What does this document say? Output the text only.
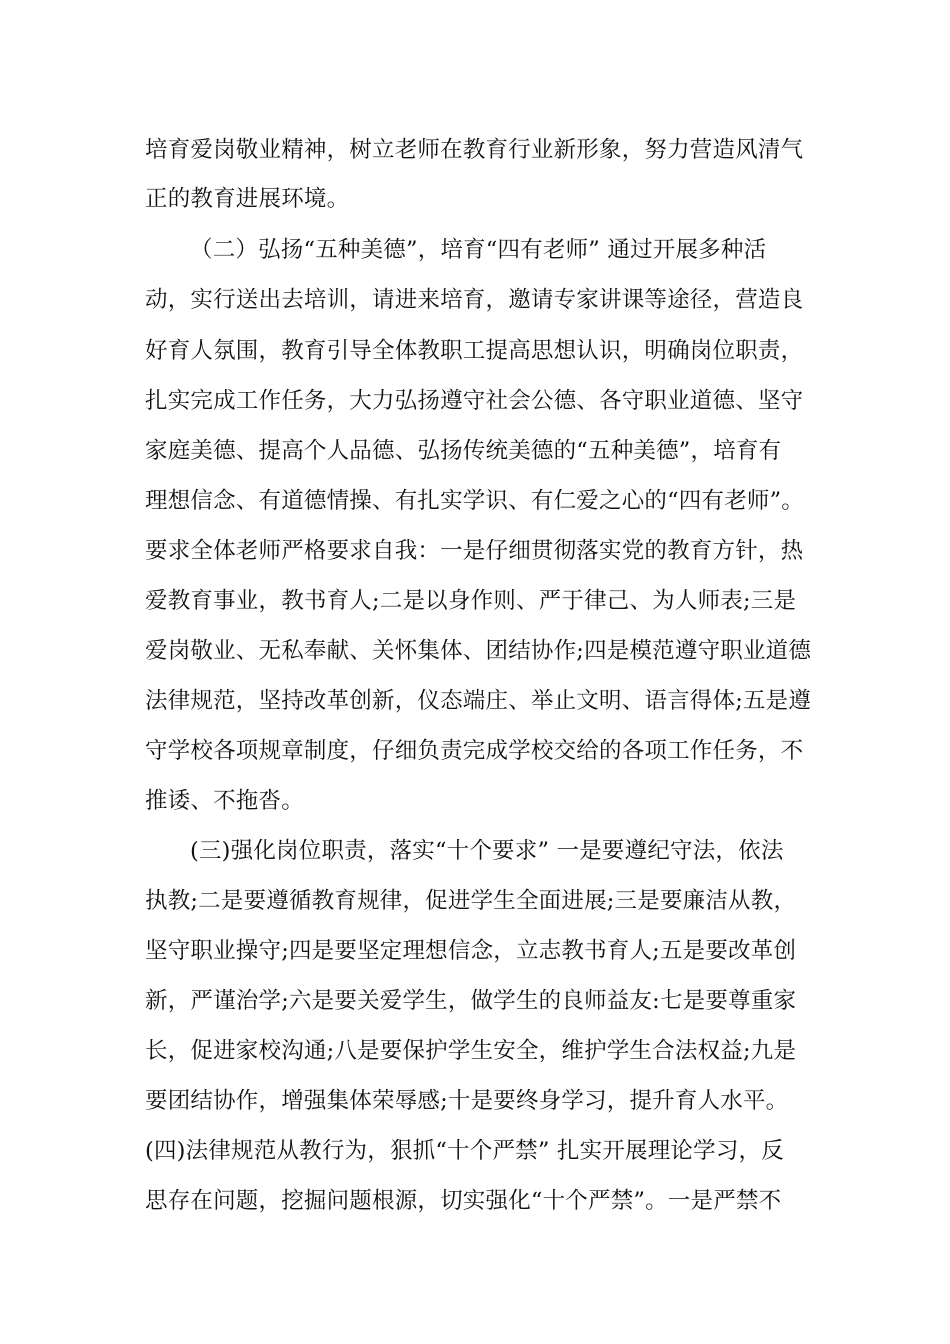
培育爱岗敬业精神，树立老师在教育行业新形象，努力营造风清气
正的教育进展环境。
（二）弘扬“五种美德”，培育“四有老师” 通过开展多种活
动，实行送出去培训，请进来培育，邀请专家讲课等途径，营造良
好育人氛围，教育引导全体教职工提高思想认识，明确岗位职责，
扎实完成工作任务，大力弘扬遵守社会公德、各守职业道德、坚守
家庭美德、提高个人品德、弘扬传统美德的“五种美德”，培育有
理想信念、有道德情操、有扎实学识、有仁爱之心的“四有老师”。
要求全体老师严格要求自我：一是仔细贯彻落实党的教育方针，热
爱教育事业，教书育人;二是以身作则、严于律己、为人师表;三是
爱岗敬业、无私奉献、关怀集体、团结协作;四是模范遵守职业道德
法律规范，坚持改革创新，仪态端庄、举止文明、语言得体;五是遵
守学校各项规章制度，仔细负责完成学校交给的各项工作任务，不
推诿、不拖沓。
(三)强化岗位职责，落实“十个要求” 一是要遵纪守法，依法
执教;二是要遵循教育规律，促进学生全面进展;三是要廉洁从教，
坚守职业操守;四是要坚定理想信念，立志教书育人;五是要改革创
新，严谨治学;六是要关爱学生，做学生的良师益友:七是要尊重家
长，促进家校沟通;八是要保护学生安全，维护学生合法权益;九是
要团结协作，增强集体荣辱感;十是要终身学习，提升育人水平。
(四)法律规范从教行为，狠抓“十个严禁” 扎实开展理论学习，反
思存在问题，挖掘问题根源，切实强化“十个严禁”。一是严禁不
